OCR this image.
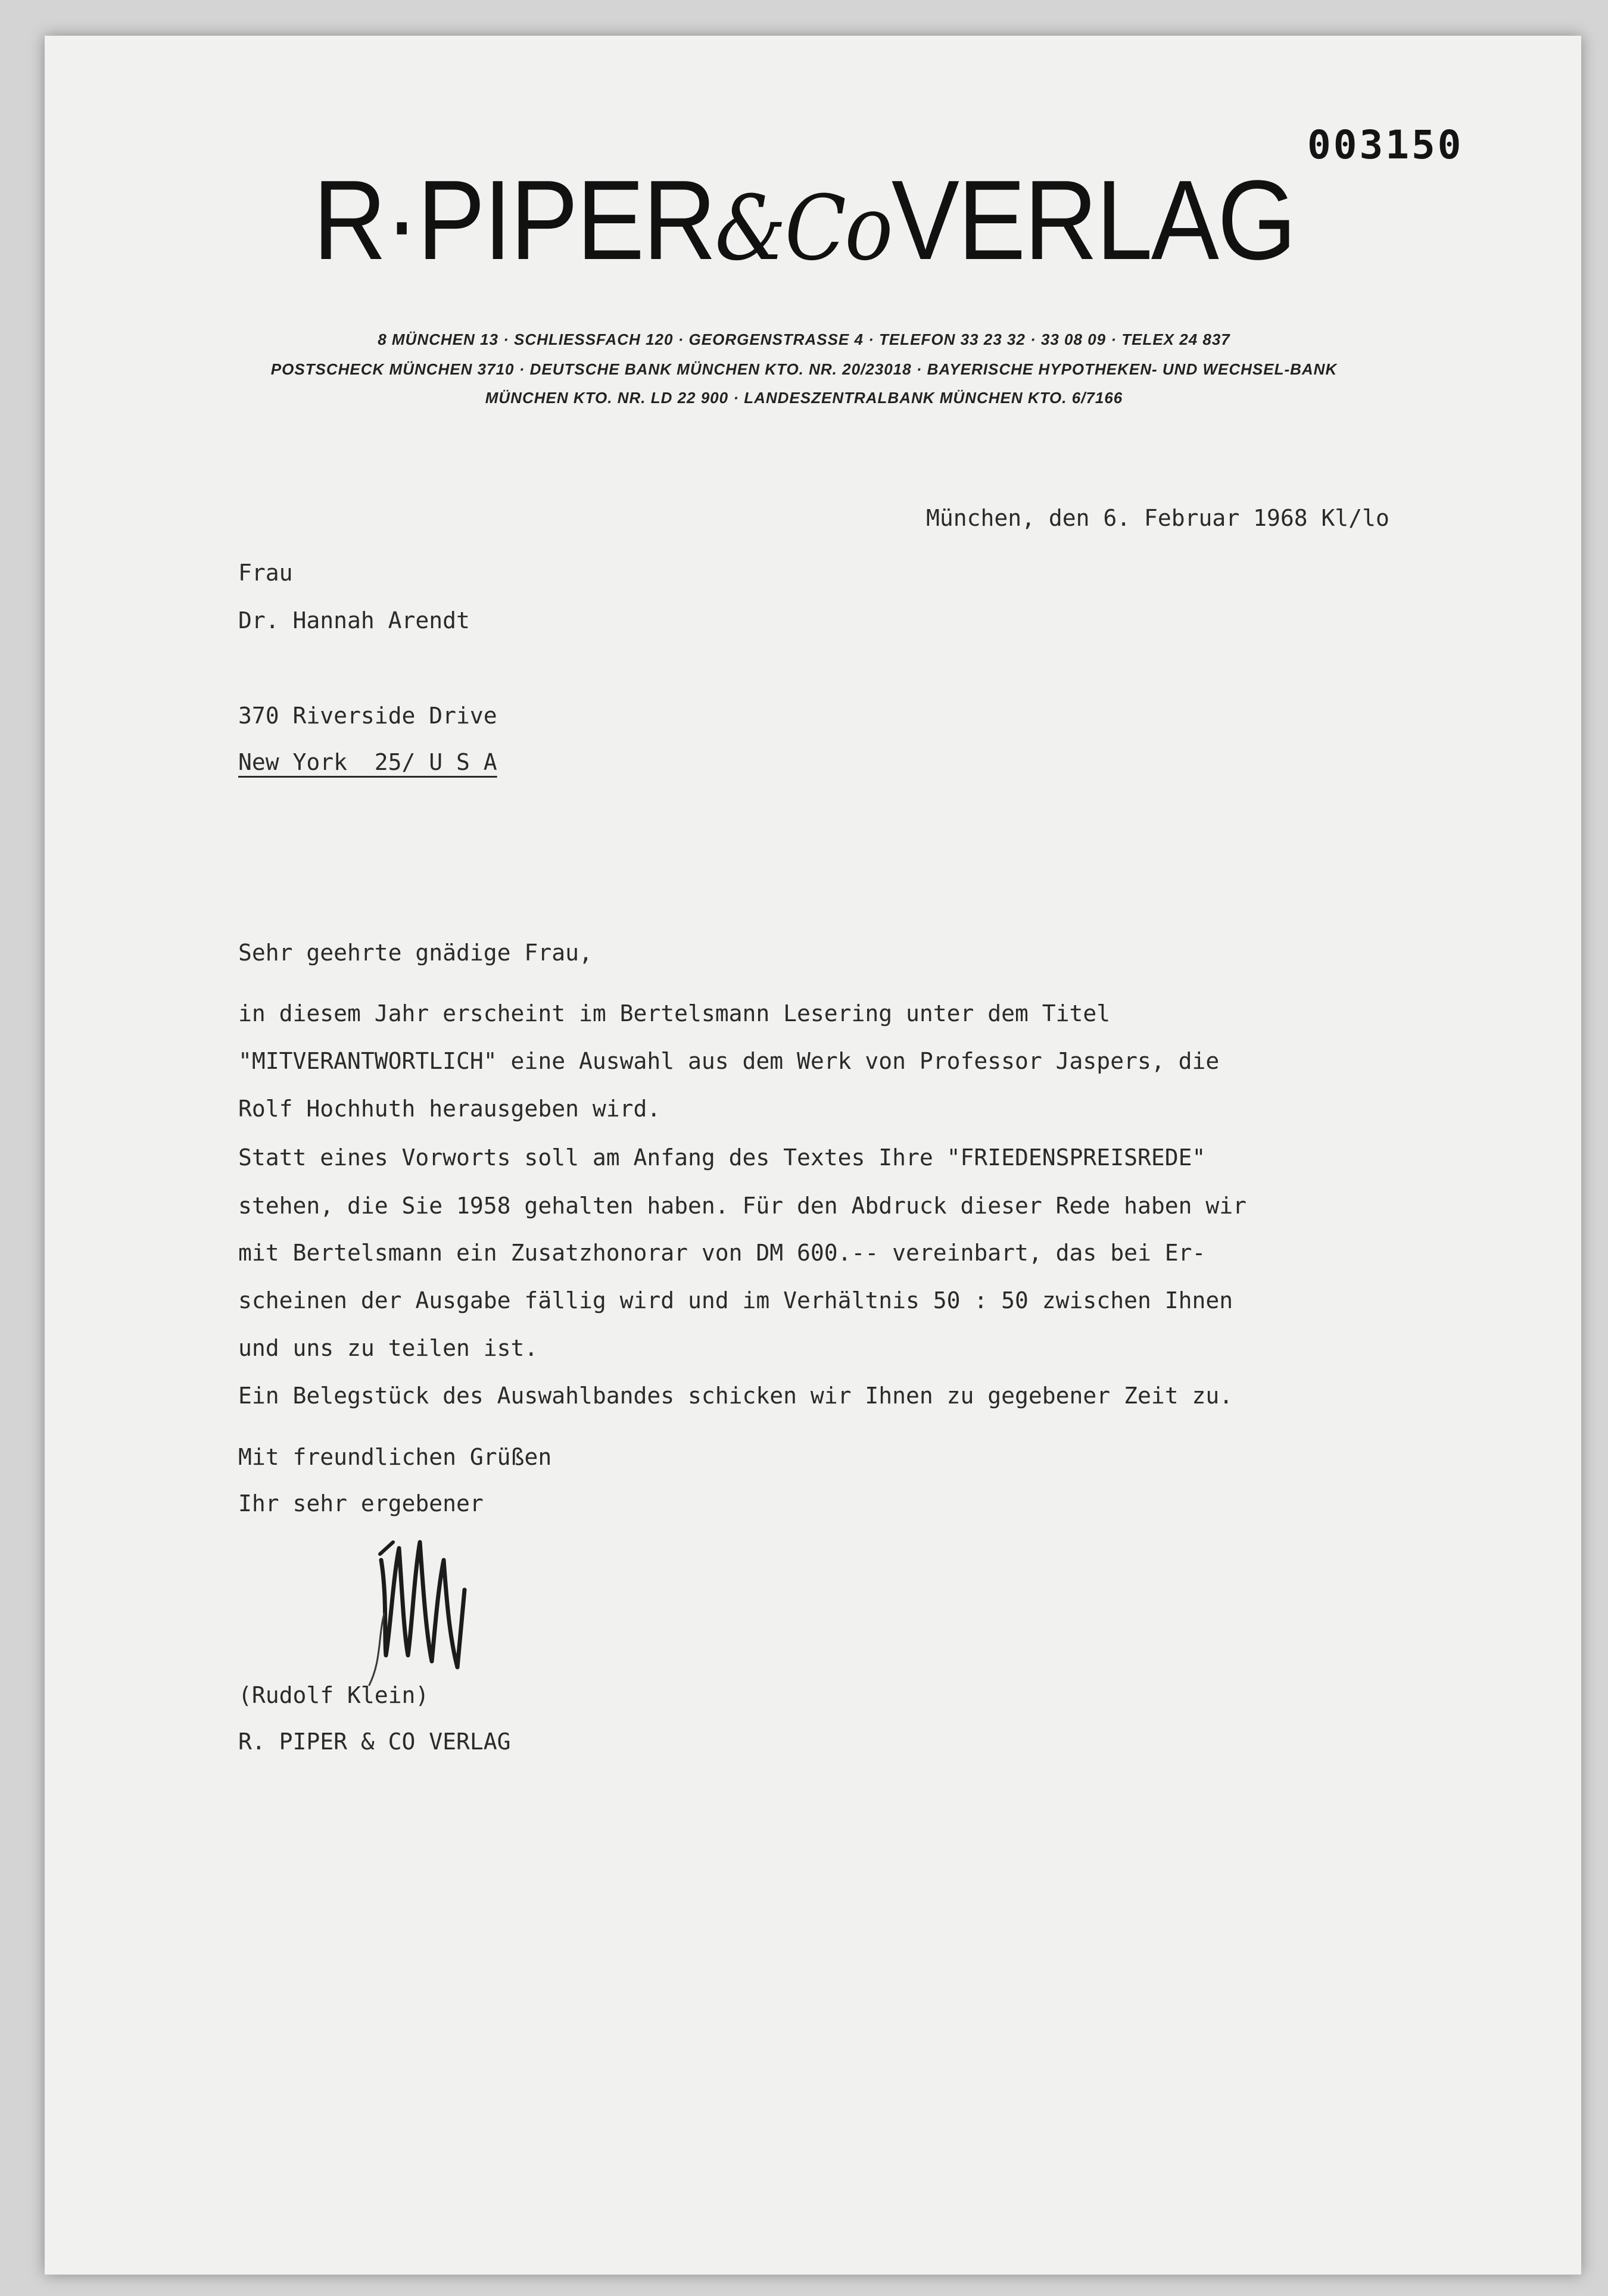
003150
R·PIPER&CoVERLAG
8 MÜNCHEN 13 · SCHLIESSFACH 120 · GEORGENSTRASSE 4 · TELEFON 33 23 32 · 33 08 09 · TELEX 24 837
POSTSCHECK MÜNCHEN 3710 · DEUTSCHE BANK MÜNCHEN KTO. NR. 20/23018 · BAYERISCHE HYPOTHEKEN- UND WECHSEL-BANK
MÜNCHEN KTO. NR. LD 22 900 · LANDESZENTRALBANK MÜNCHEN KTO. 6/7166
München, den 6. Februar 1968 Kl/lo
Frau
Dr. Hannah Arendt
370 Riverside Drive
New York  25/ U S A
Sehr geehrte gnädige Frau,
in diesem Jahr erscheint im Bertelsmann Lesering unter dem Titel
"MITVERANTWORTLICH" eine Auswahl aus dem Werk von Professor Jaspers, die
Rolf Hochhuth herausgeben wird.
Statt eines Vorworts soll am Anfang des Textes Ihre "FRIEDENSPREISREDE"
stehen, die Sie 1958 gehalten haben. Für den Abdruck dieser Rede haben wir
mit Bertelsmann ein Zusatzhonorar von DM 600.-- vereinbart, das bei Er-
scheinen der Ausgabe fällig wird und im Verhältnis 50 : 50 zwischen Ihnen
und uns zu teilen ist.
Ein Belegstück des Auswahlbandes schicken wir Ihnen zu gegebener Zeit zu.
Mit freundlichen Grüßen
Ihr sehr ergebener
(Rudolf Klein)
R. PIPER & CO VERLAG
